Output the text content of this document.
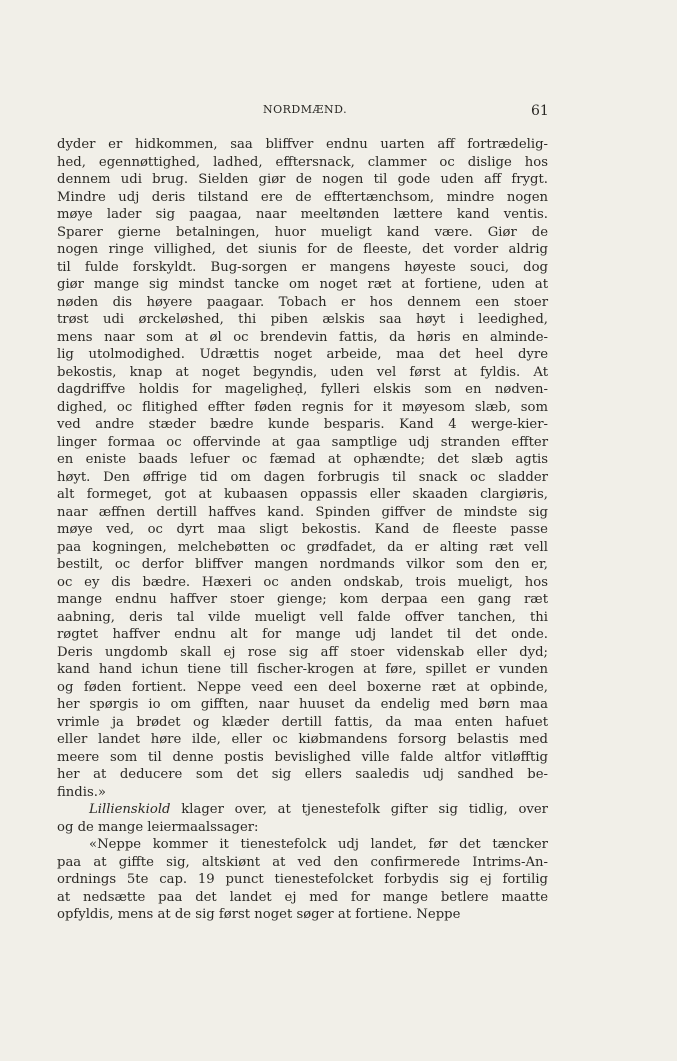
NORDMÆND.	61
dyder er hidkommen, saa bliffver endnu uarten aff fortrædelig-
hed, egennøttighed, ladhed, efftersnack, clammer oc dislige hos
dennem udi brug. Sielden giør de nogen til gode uden aff frygt.
Mindre udj deris tilstand ere de efftertænchsom, mindre nogen
møye lader sig paagaa, naar meeltønden lættere kand ventis.
Sparer gierne betalningen, huor mueligt kand være. Giør de
nogen ringe villighed, det siunis for de fleeste, det vorder aldrig
til fulde forskyldt. Bug-sorgen er mangens høyeste souci, dog
giør mange sig mindst tancke om noget ræt at fortiene, uden at
nøden dis høyere paagaar. Tobach er hos dennem een stoer
trøst udi ørckeløshed, thi piben ælskis saa høyt i leedighed,
mens naar som at øl oc brendevin fattis, da høris en alminde-
lig utolmodighed. Udrættis noget arbeide, maa det heel dyre
bekostis, knap at noget begyndis, uden vel først at fyldis. At
dagdriffve holdis for mageligheḍ, fylleri elskis som en nødven-
dighed, oc flitighed effter føden regnis for it møyesom slæb, som
ved andre stæder bædre kunde besparis. Kand 4 werge-kier-
linger formaa oc offervinde at gaa samptlige udj stranden effter
en eniste baads lefuer oc fæmad at ophændte; det slæb agtis
høyt. Den øffrige tid om dagen forbrugis til snack oc sladder
alt formeget, got at kubaasen oppassis eller skaaden clargiøris,
naar æffnen dertill haffves kand. Spinden giffver de mindste sig
møye ved, oc dyrt maa sligt bekostis. Kand de fleeste passe
paa kogningen, melchebøtten oc grødfadet, da er alting ræt vell
bestilt, oc derfor bliffver mangen nordmands vilkor som den er,
oc ey dis bædre. Hæxeri oc anden ondskab, trois mueligt, hos
mange endnu haffver stoer gienge; kom derpaa een gang ræt
aabning, deris tal vilde mueligt vell falde offver tanchen, thi
røgtet haffver endnu alt for mange udj landet til det onde.
Deris ungdomb skall ej rose sig aff stoer videnskab eller dyd;
kand hand ichun tiene till fischer-krogen at føre, spillet er vunden
og føden fortient. Neppe veed een deel boxerne ræt at opbinde,
her spørgis io om gifften, naar huuset da endelig med børn maa
vrimle ja brødet og klæder dertill fattis, da maa enten hafuet
eller landet høre ilde, eller oc kiøbmandens forsorg belastis med
meere som til denne postis bevislighed ville falde altfor vitløfftig
her at deducere som det sig ellers saaledis udj sandhed be-
findis.»
Lillienskiold klager over, at tjenestefolk gifter sig tidlig, over
og de mange leiermaalssager:
«Neppe kommer it tienestefolck udj landet, før det tæncker
paa at giffte sig, altskiønt at ved den confirmerede Intrims-An-
ordnings 5te cap. 19 punct tienestefolcket forbydis sig ej fortilig
at nedsætte paa det landet ej med for mange betlere maatte
opfyldis, mens at de sig først noget søger at fortiene. Neppe
